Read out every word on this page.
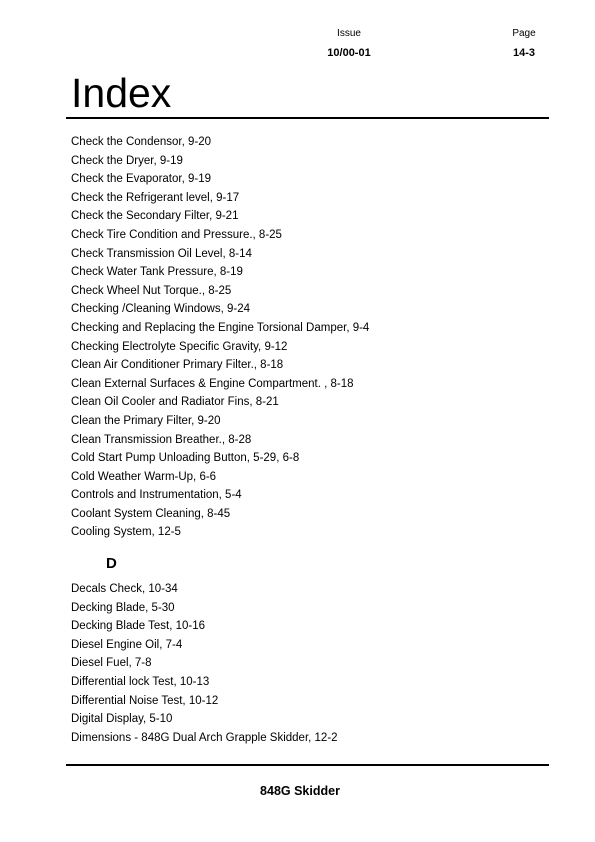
Issue
10/00-01
Page
14-3
Index
Check the Condensor, 9-20
Check the Dryer, 9-19
Check the Evaporator, 9-19
Check the Refrigerant level, 9-17
Check the Secondary Filter, 9-21
Check Tire Condition and Pressure., 8-25
Check Transmission Oil Level, 8-14
Check Water Tank Pressure, 8-19
Check Wheel Nut Torque., 8-25
Checking /Cleaning Windows, 9-24
Checking and Replacing the Engine Torsional Damper, 9-4
Checking Electrolyte Specific Gravity, 9-12
Clean Air Conditioner Primary Filter., 8-18
Clean External Surfaces & Engine Compartment. , 8-18
Clean Oil Cooler and Radiator Fins, 8-21
Clean the Primary Filter, 9-20
Clean Transmission Breather., 8-28
Cold Start Pump Unloading Button, 5-29, 6-8
Cold Weather Warm-Up, 6-6
Controls and Instrumentation, 5-4
Coolant System Cleaning, 8-45
Cooling System, 12-5
D
Decals Check, 10-34
Decking Blade, 5-30
Decking Blade Test, 10-16
Diesel Engine Oil, 7-4
Diesel Fuel, 7-8
Differential lock Test, 10-13
Differential Noise Test, 10-12
Digital Display, 5-10
Dimensions - 848G Dual Arch Grapple Skidder, 12-2
848G Skidder
